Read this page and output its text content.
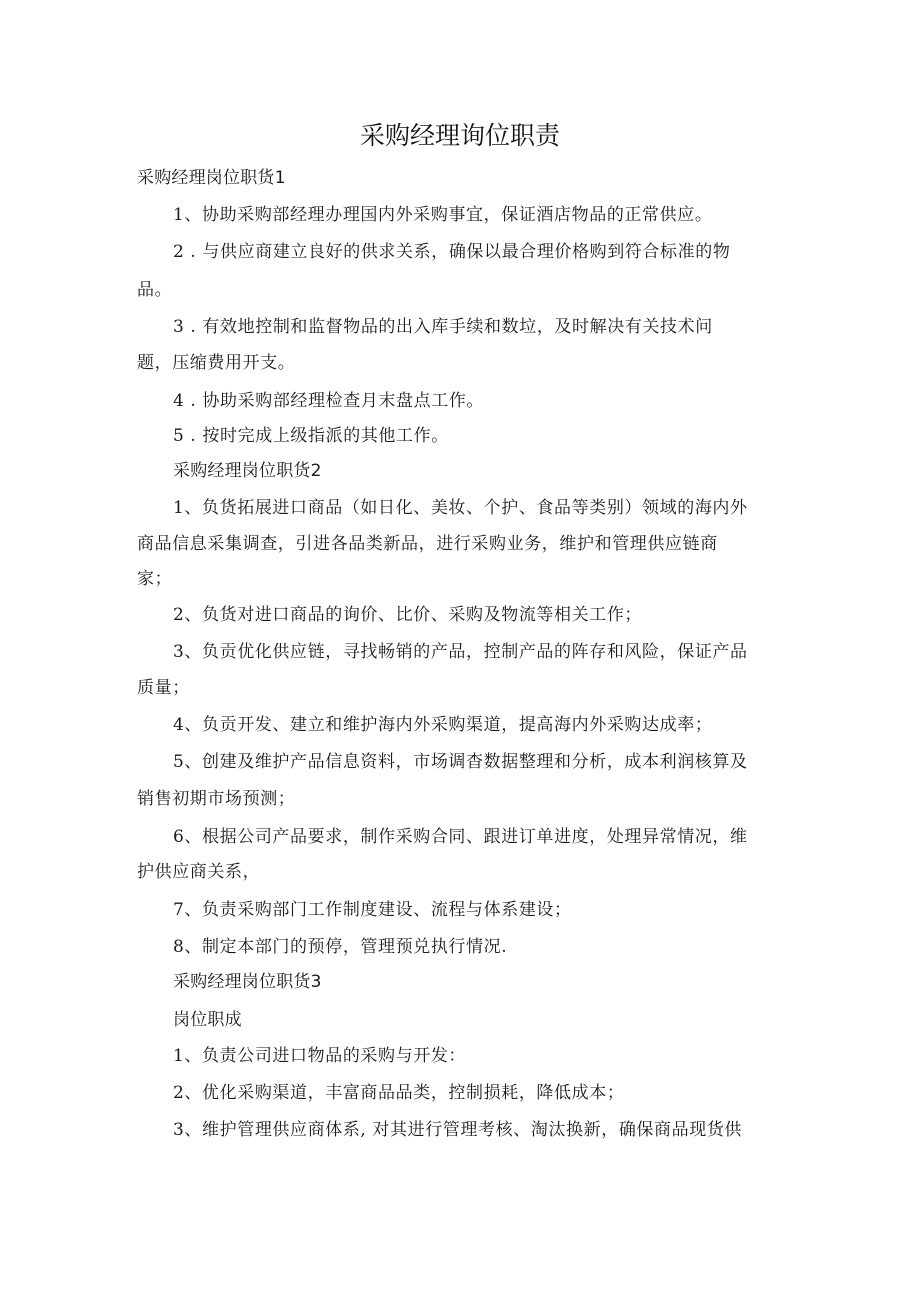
采购经理询位职责
采购经理岗位职货1
1、协助采购部经理办理国内外采购事宜，保证酒店物品的正常供应。
2 . 与供应商建立良好的供求关系，确保以最合理价格购到符合标准的物
品。
3 . 有效地控制和监督物品的出入库手续和数垃，及时解决有关技术问
题，压缩费用开支。
4 . 协助采购部经理检查月末盘点工作。
5 . 按时完成上级指派的其他工作。
采购经理岗位职货2
1、负货拓展进口商品（如日化、美妆、个护、食品等类别）领域的海内外
商品信息采集调查，引进各品类新品，进行采购业务，维护和管理供应链商
家；
2、负货对进口商品的询价、比价、采购及物流等相关工作；
3、负贡优化供应链，寻找畅销的产品，控制产品的阵存和风险，保证产品
质量；
4、负贡开发、建立和维护海内外采购渠道，提高海内外采购达成率；
5、创建及维护产品信息资料，市场调杳数据整理和分析，成本利润核算及
销售初期市场预测；
6、根据公司产品要求，制作采购合同、跟进订单进度，处理异常情况，维
护供应商关系，
7、负责采购部门工作制度建设、流程与体系建设；
8、制定本部门的预停，管理预兑执行情况.
采购经理岗位职货3
岗位职成
1、负责公司进口物品的采购与开发：
2、优化采购渠道，丰富商品品类，控制损耗，降低成本；
3、维护管理供应商体系, 对其进行管理考核、淘汰换新，确保商品现货供
